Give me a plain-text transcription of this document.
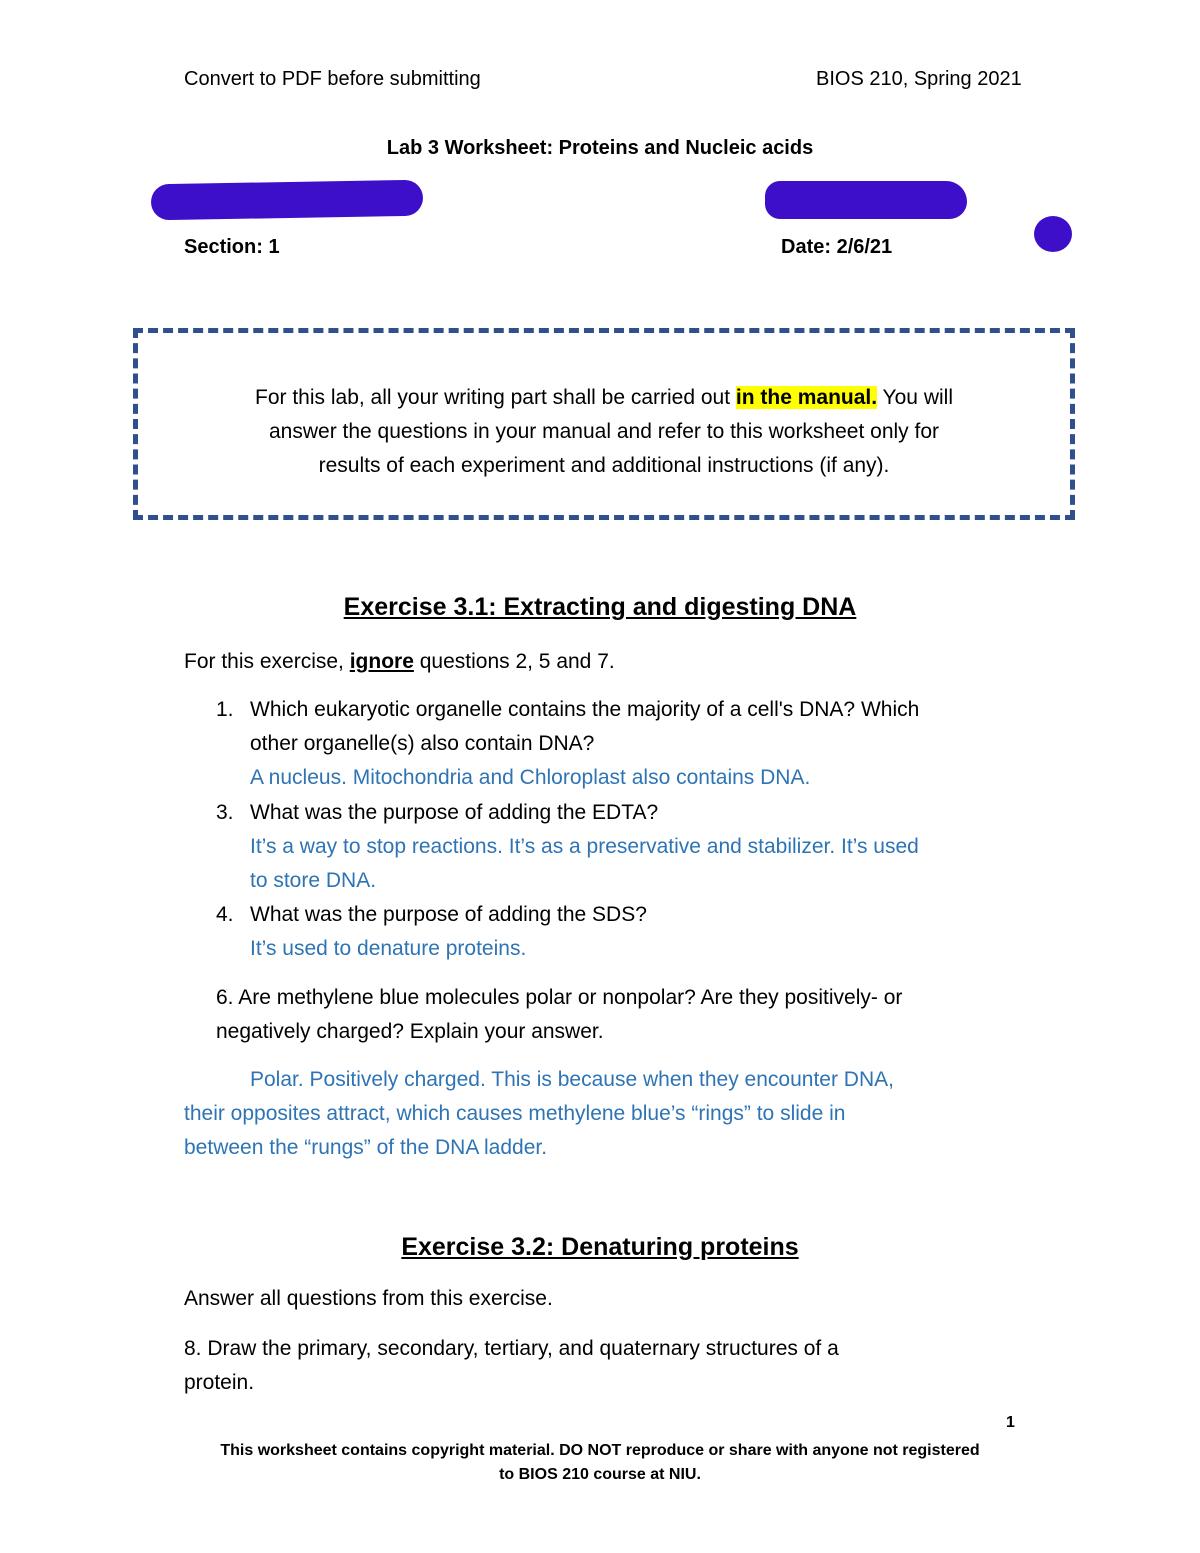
Convert to PDF before submitting	BIOS 210, Spring 2021
Lab 3 Worksheet: Proteins and Nucleic acids
Section: 1	Date: 2/6/21
For this lab, all your writing part shall be carried out in the manual. You will
answer the questions in your manual and refer to this worksheet only for
results of each experiment and additional instructions (if any).
Exercise 3.1: Extracting and digesting DNA
For this exercise, ignore questions 2, 5 and 7.
1. Which eukaryotic organelle contains the majority of a cell's DNA? Which
other organelle(s) also contain DNA?
A nucleus. Mitochondria and Chloroplast also contains DNA.
3. What was the purpose of adding the EDTA?
It’s a way to stop reactions. It’s as a preservative and stabilizer. It’s used
to store DNA.
4. What was the purpose of adding the SDS?
It’s used to denature proteins.
6. Are methylene blue molecules polar or nonpolar? Are they positively- or
negatively charged? Explain your answer.
Polar. Positively charged. This is because when they encounter DNA,
their opposites attract, which causes methylene blue’s “rings” to slide in
between the “rungs” of the DNA ladder.
Exercise 3.2: Denaturing proteins
Answer all questions from this exercise.
8. Draw the primary, secondary, tertiary, and quaternary structures of a
protein.
1
This worksheet contains copyright material. DO NOT reproduce or share with anyone not registered
to BIOS 210 course at NIU.
